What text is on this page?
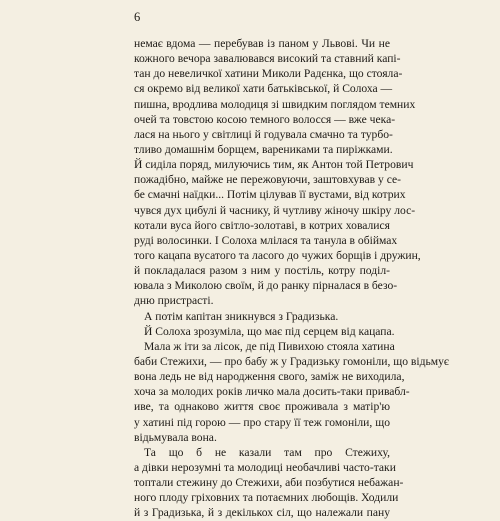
6
немає вдома — перебував із паном у Львові. Чи не
кожного вечора завалювався високий та ставний капі-
тан до невеличкої хатини Миколи Радєнка, що стояла-
ся окремо від великої хати батьківської, й Солоха —
пишна, вродлива молодиця зі швидким поглядом темних
очей та товстою косою темного волосся — вже чека-
лася на нього у світлиці й годувала смачно та турбо-
тливо домашнім борщем, варениками та пиріжками.
Й сиділа поряд, милуючись тим, як Антон той Петрович
пожадібно, майже не пережовуючи, заштовхував у се-
бе смачні наїдки... Потім цілував її вустами, від котрих
чувся дух цибулі й часнику, й чутливу жіночу шкіру лос-
котали вуса його світло-золотаві, в котрих ховалися
руді волосинки. І Солоха млілася та танула в обіймах
того кацапа вусатого та ласого до чужих борщів і дружин,
й покладалася разом з ним у постіль, котру поділ-
ювала з Миколою своїм, й до ранку пірналася в безо-
дню пристрасті.
А потім капітан зникнувся з Градизька.
Й Солоха зрозуміла, що має під серцем від кацапа.
Мала ж іти за лісок, де під Пивихою стояла хатина
баби Стежихи, — про бабу ж у Градизьку гомоніли, що відьмує
вона ледь не від народження свого, заміж не виходила,
хоча за молодих років личко мала досить-таки привабл-
иве, та однаково життя своє проживала з матір'ю
у хатині під горою — про стару її теж гомоніли, що
відьмувала вона.
Та що б не казали там про Стежиху,
а дівки нерозумні та молодиці необачливі часто-таки
топтали стежину до Стежихи, аби позбутися небажан-
ного плоду гріховних та потаємних любощів. Ходили
й з Градизька, й з декількох сіл, що належали пану
